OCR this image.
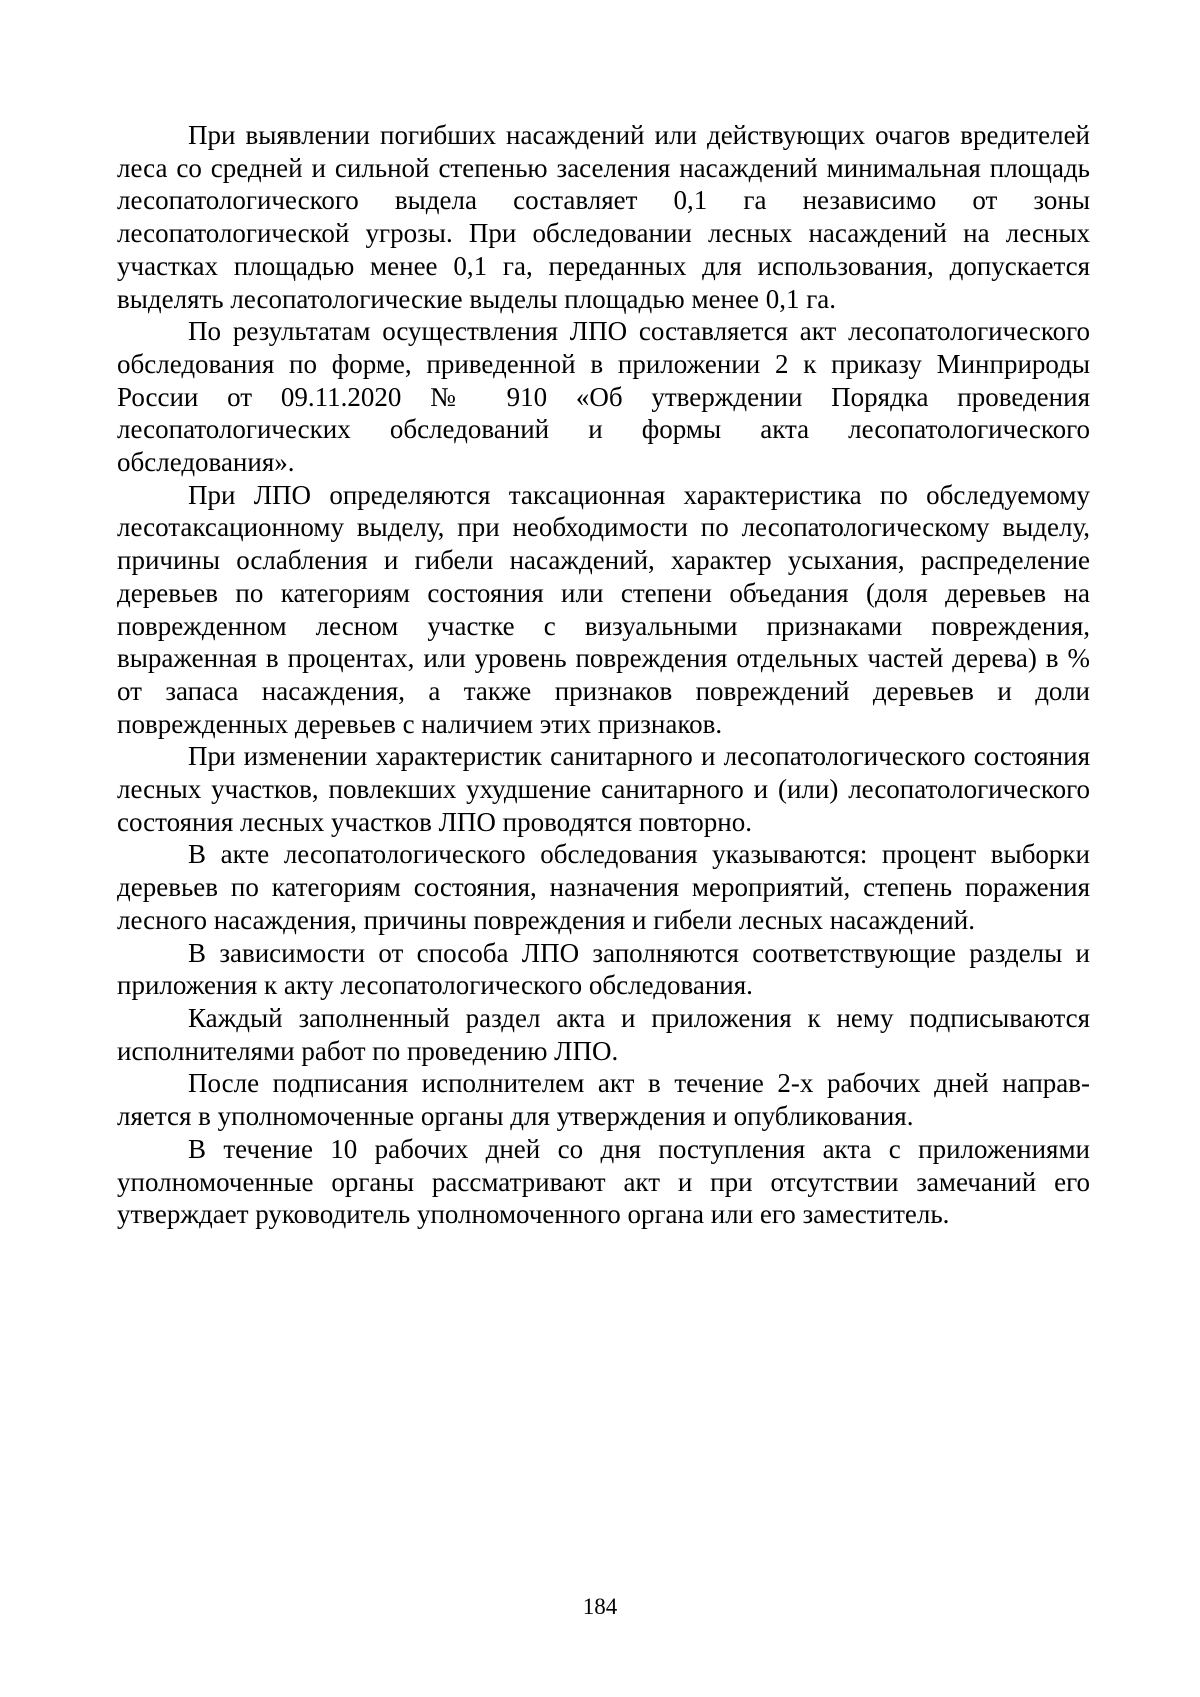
При выявлении погибших насаждений или действующих очагов вредителей леса со средней и сильной степенью заселения насаждений минимальная площадь лесопатологического выдела составляет 0,1 га независимо от зоны лесопатологической угрозы. При обследовании лесных насаждений на лесных участках площадью менее 0,1 га, переданных для использования, допускается выделять лесопатологические выделы площадью менее 0,1 га.

По результатам осуществления ЛПО составляется акт лесопатологического обследования по форме, приведенной в приложении 2 к приказу Минприроды России от 09.11.2020 № 910 «Об утверждении Порядка проведения лесопатологических обследований и формы акта лесопатологического обследования».

При ЛПО определяются таксационная характеристика по обследуемому лесотаксационному выделу, при необходимости по лесопатологическому выделу, причины ослабления и гибели насаждений, характер усыхания, распределение деревьев по категориям состояния или степени объедания (доля деревьев на поврежденном лесном участке с визуальными признаками повреждения, выраженная в процентах, или уровень повреждения отдельных частей дерева) в % от запаса насаждения, а также признаков повреждений деревьев и доли поврежденных деревьев с наличием этих признаков.

При изменении характеристик санитарного и лесопатологического состояния лесных участков, повлекших ухудшение санитарного и (или) лесопатологического состояния лесных участков ЛПО проводятся повторно.

В акте лесопатологического обследования указываются: процент выборки деревьев по категориям состояния, назначения мероприятий, степень поражения лесного насаждения, причины повреждения и гибели лесных насаждений.

В зависимости от способа ЛПО заполняются соответствующие разделы и приложения к акту лесопатологического обследования.

Каждый заполненный раздел акта и приложения к нему подписываются исполнителями работ по проведению ЛПО.

После подписания исполнителем акт в течение 2-х рабочих дней направляется в уполномоченные органы для утверждения и опубликования.

В течение 10 рабочих дней со дня поступления акта с приложениями уполномоченные органы рассматривают акт и при отсутствии замечаний его утверждает руководитель уполномоченного органа или его заместитель.

184
